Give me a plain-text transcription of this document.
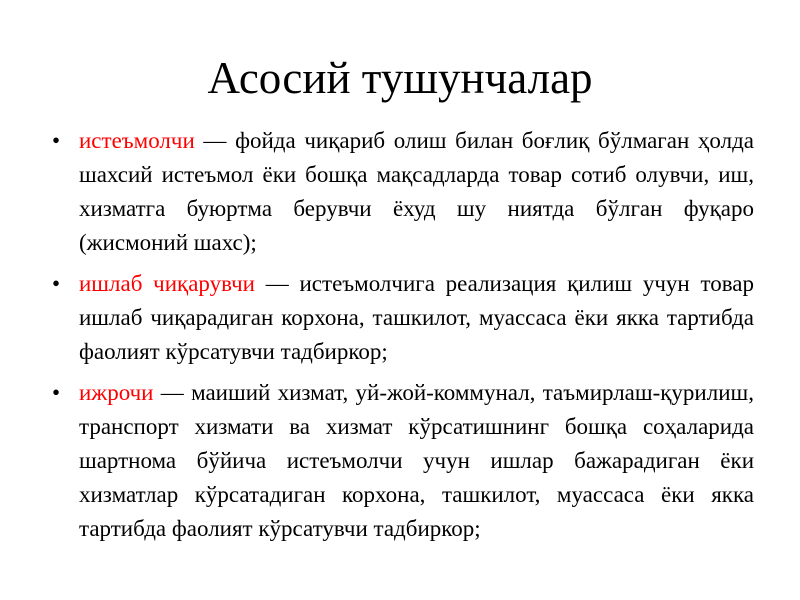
Асосий тушунчалар
• истеъмолчи — фойда чиқариб олиш билан боғлиқ бўлмаган ҳолда шахсий истеъмол ёки бошқа мақсадларда товар сотиб олувчи, иш, хизматга буюртма берувчи ёхуд шу ниятда бўлган фуқаро (жисмоний шахс);
• ишлаб чиқарувчи — истеъмолчига реализация қилиш учун товар ишлаб чиқарадиган корхона, ташкилот, муассаса ёки якка тартибда фаолият кўрсатувчи тадбиркор;
• ижрочи — маиший хизмат, уй-жой-коммунал, таъмирлаш-қурилиш, транспорт хизмати ва хизмат кўрсатишнинг бошқа соҳаларида шартнома бўйича истеъмолчи учун ишлар бажарадиган ёки хизматлар кўрсатадиган корхона, ташкилот, муассаса ёки якка тартибда фаолият кўрсатувчи тадбиркор;
